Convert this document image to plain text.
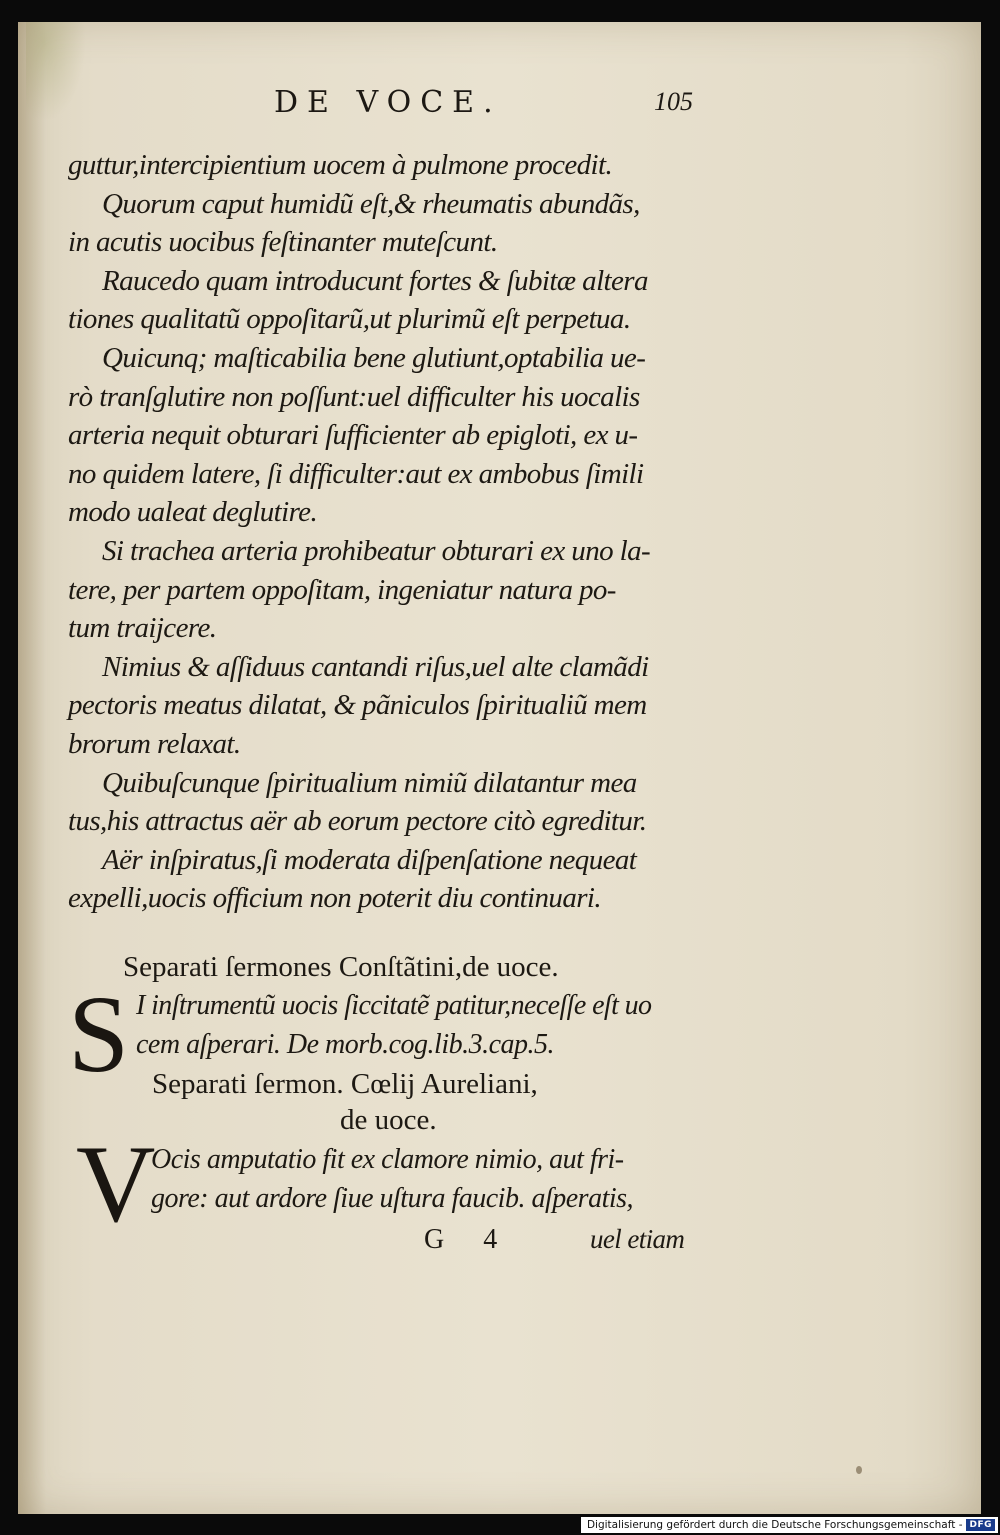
DE VOCE.	105
guttur,intercipientium uocem à pulmone procedit.
Quorum caput humidũ eſt,& rheumatis abundãs,
in acutis uocibus feſtinanter muteſcunt.
Raucedo quam introducunt fortes & ſubitæ altera
tiones qualitatũ oppoſitarũ,ut plurimũ eſt perpetua.
Quicunq; maſticabilia bene glutiunt,optabilia ue-
rò tranſglutire non poſſunt:uel difficulter his uocalis
arteria nequit obturari ſufficienter ab epigloti, ex u-
no quidem latere, ſi difficulter:aut ex ambobus ſimili
modo ualeat deglutire.
Si trachea arteria prohibeatur obturari ex uno la-
tere, per partem oppoſitam, ingeniatur natura po-
tum traijcere.
Nimius & aſſiduus cantandi riſus,uel alte clamãdi
pectoris meatus dilatat, & pãniculos ſpiritualiũ mem
brorum relaxat.
Quibuſcunque ſpiritualium nimiũ dilatantur mea
tus,his attractus aër ab eorum pectore citò egreditur.
Aër inſpiratus,ſi moderata diſpenſatione nequeat
expelli,uocis officium non poterit diu continuari.
Separati ſermones Conſtãtini,de uoce.
S I inſtrumentũ uocis ſiccitatẽ patitur,neceſſe eſt uo
cem aſperari. De morb.cog.lib.3.cap.5.
Separati ſermon. Cœlij Aureliani,
de uoce.
V
Ocis amputatio fit ex clamore nimio, aut fri-
gore: aut ardore ſiue uſtura faucib. aſperatis,
G 4	uel etiam
Digitalisierung gefördert durch die Deutsche Forschungsgemeinschaft - DFG
